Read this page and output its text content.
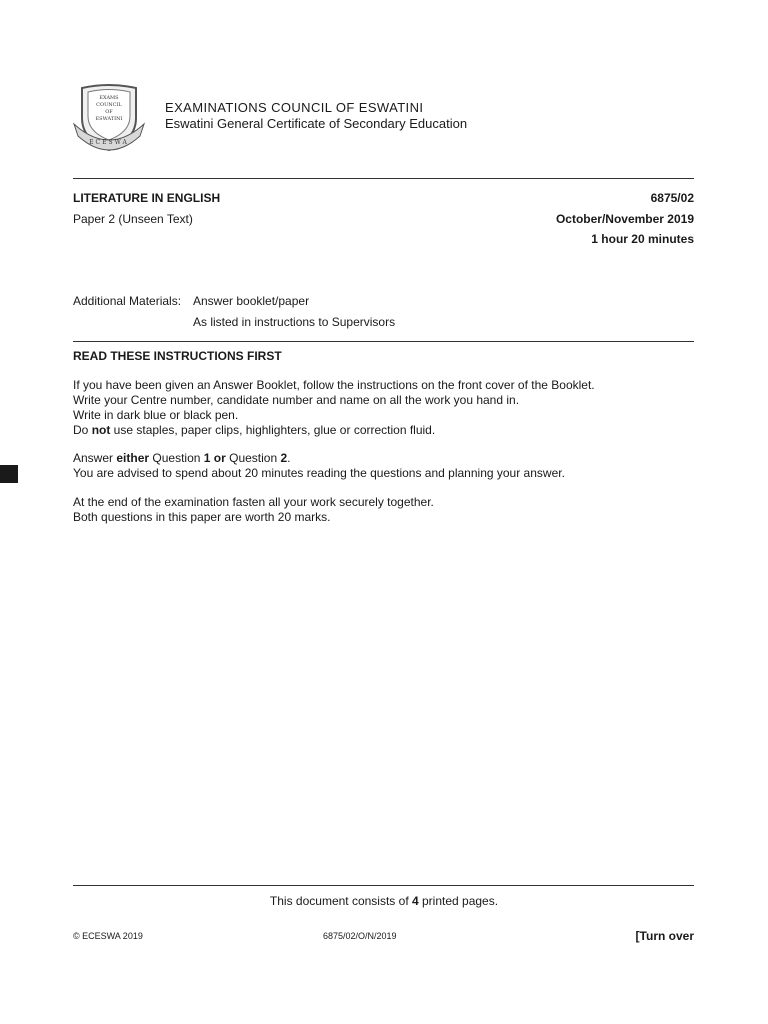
EXAMS
COUNCIL
OF
ESWATINI
ECESWA
EXAMINATIONS COUNCIL OF ESWATINI
Eswatini General Certificate of Secondary Education
LITERATURE IN ENGLISH	6875/02
Paper 2 (Unseen Text)	October/November 2019
1 hour 20 minutes
Additional Materials: Answer booklet/paper
As listed in instructions to Supervisors
READ THESE INSTRUCTIONS FIRST

If you have been given an Answer Booklet, follow the instructions on the front cover of the Booklet.

Write your Centre number, candidate number and name on all the work you hand in.

Write in dark blue or black pen.

Do not use staples, paper clips, highlighters, glue or correction fluid.

Answer either Question 1 or Question 2.

You are advised to spend about 20 minutes reading the questions and planning your answer.

At the end of the examination fasten all your work securely together.

Both questions in this paper are worth 20 marks.

This document consists of 4 printed pages.
© ECESWA 2019	6875/02/O/N/2019	[Turn over
